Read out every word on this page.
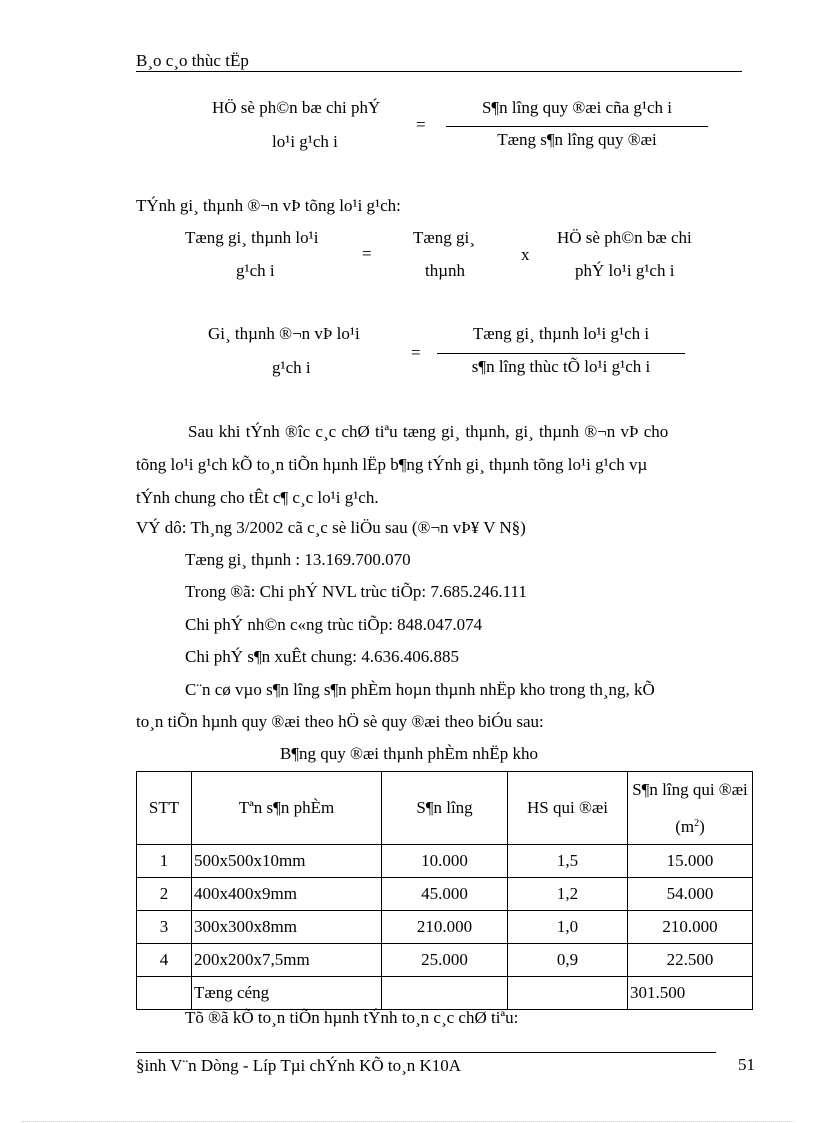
B¸o c¸o thùc tËp
HÖ sè ph©n bæ chi phÝ
lo¹i g¹ch i
=
S¶n lîng quy ®æi cña g¹ch i
Tæng s¶n lîng quy ®æi
TÝnh gi¸ thµnh ®¬n vÞ tõng lo¹i g¹ch:
Tæng gi¸ thµnh lo¹i
g¹ch i
=
Tæng gi¸
thµnh
x
HÖ sè ph©n bæ chi
phÝ lo¹i g¹ch i
Gi¸ thµnh ®¬n vÞ lo¹i
g¹ch i
=
Tæng gi¸ thµnh lo¹i g¹ch i
s¶n lîng thùc tÕ lo¹i g¹ch i
Sau khi tÝnh ®îc c¸c chØ tiªu tæng gi¸ thµnh, gi¸ thµnh ®¬n vÞ cho
tõng lo¹i g¹ch kÕ to¸n tiÕn hµnh lËp b¶ng tÝnh gi¸ thµnh tõng lo¹i g¹ch vµ
tÝnh chung cho tÊt c¶ c¸c lo¹i g¹ch.
VÝ dô: Th¸ng 3/2002 cã c¸c sè liÖu sau (®¬n vÞ¥ V N§)
Tæng gi¸ thµnh : 13.169.700.070
Trong ®ã: Chi phÝ NVL trùc tiÕp: 7.685.246.111
Chi phÝ nh©n c«ng trùc tiÕp: 848.047.074
Chi phÝ s¶n xuÊt chung: 4.636.406.885
C¨n cø vµo s¶n lîng s¶n phÈm hoµn thµnh nhËp kho trong th¸ng, kÕ
to¸n tiÕn hµnh quy ®æi theo hÖ sè quy ®æi theo biÓu sau:
B¶ng quy ®æi thµnh phÈm nhËp kho
STT	Tªn s¶n phÈm	S¶n lîng	HS qui ®æi	S¶n lîng qui ®æi $(m^2)$
1	500x500x10mm	10.000	1,5	15.000
2	400x400x9mm	45.000	1,2	54.000
3	300x300x8mm	210.000	1,0	210.000
4	200x200x7,5mm	25.000	0,9	22.500
	Tæng céng			301.500
Tõ ®ã kÕ to¸n tiÕn hµnh tÝnh to¸n c¸c chØ tiªu:
§inh V¨n Dòng - Líp Tµi chÝnh KÕ to¸n K10A	51
